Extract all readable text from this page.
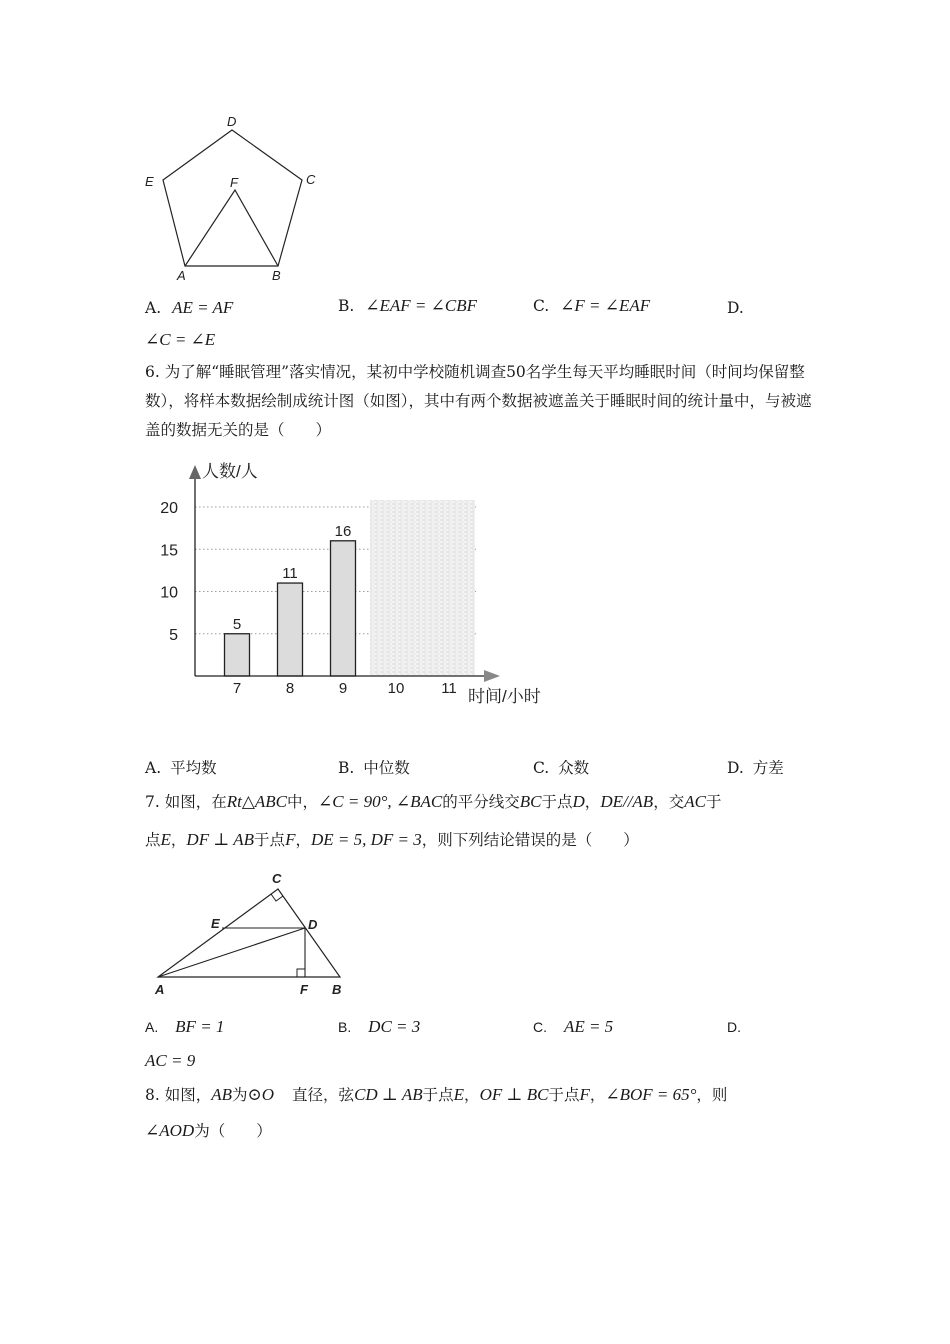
D
E	C
F
A	B
A. AE = AF	B. ∠EAF = ∠CBF	C. ∠F = ∠EAF	D.
∠C = ∠E
6. 为了解“睡眠管理”落实情况，某初中学校随机调查50名学生每天平均睡眠时间（时间均保留整数），将样本数据绘制成统计图（如图），其中有两个数据被遮盖关于睡眠时间的统计量中，与被遮盖的数据无关的是（　　）
5
11
16
人数/人
时间/小时
5
10
15
20
7	8	9	10 11
A. 平均数	B. 中位数	C. 众数	D. 方差
7. 如图，在Rt△ABC中，∠C = 90°, ∠BAC的平分线交BC于点D，DE//AB，交AC于
点E，DF ⊥ AB于点F，DE = 5, DF = 3，则下列结论错误的是（　　）
C
E	D
A	F B
A. BF = 1	B. DC = 3	C. AE = 5	D.
AC = 9
8. 如图，AB为⊙O 直径，弦CD ⊥ AB于点E，OF ⊥ BC于点F，∠BOF = 65°，则
∠AOD为（　　）
